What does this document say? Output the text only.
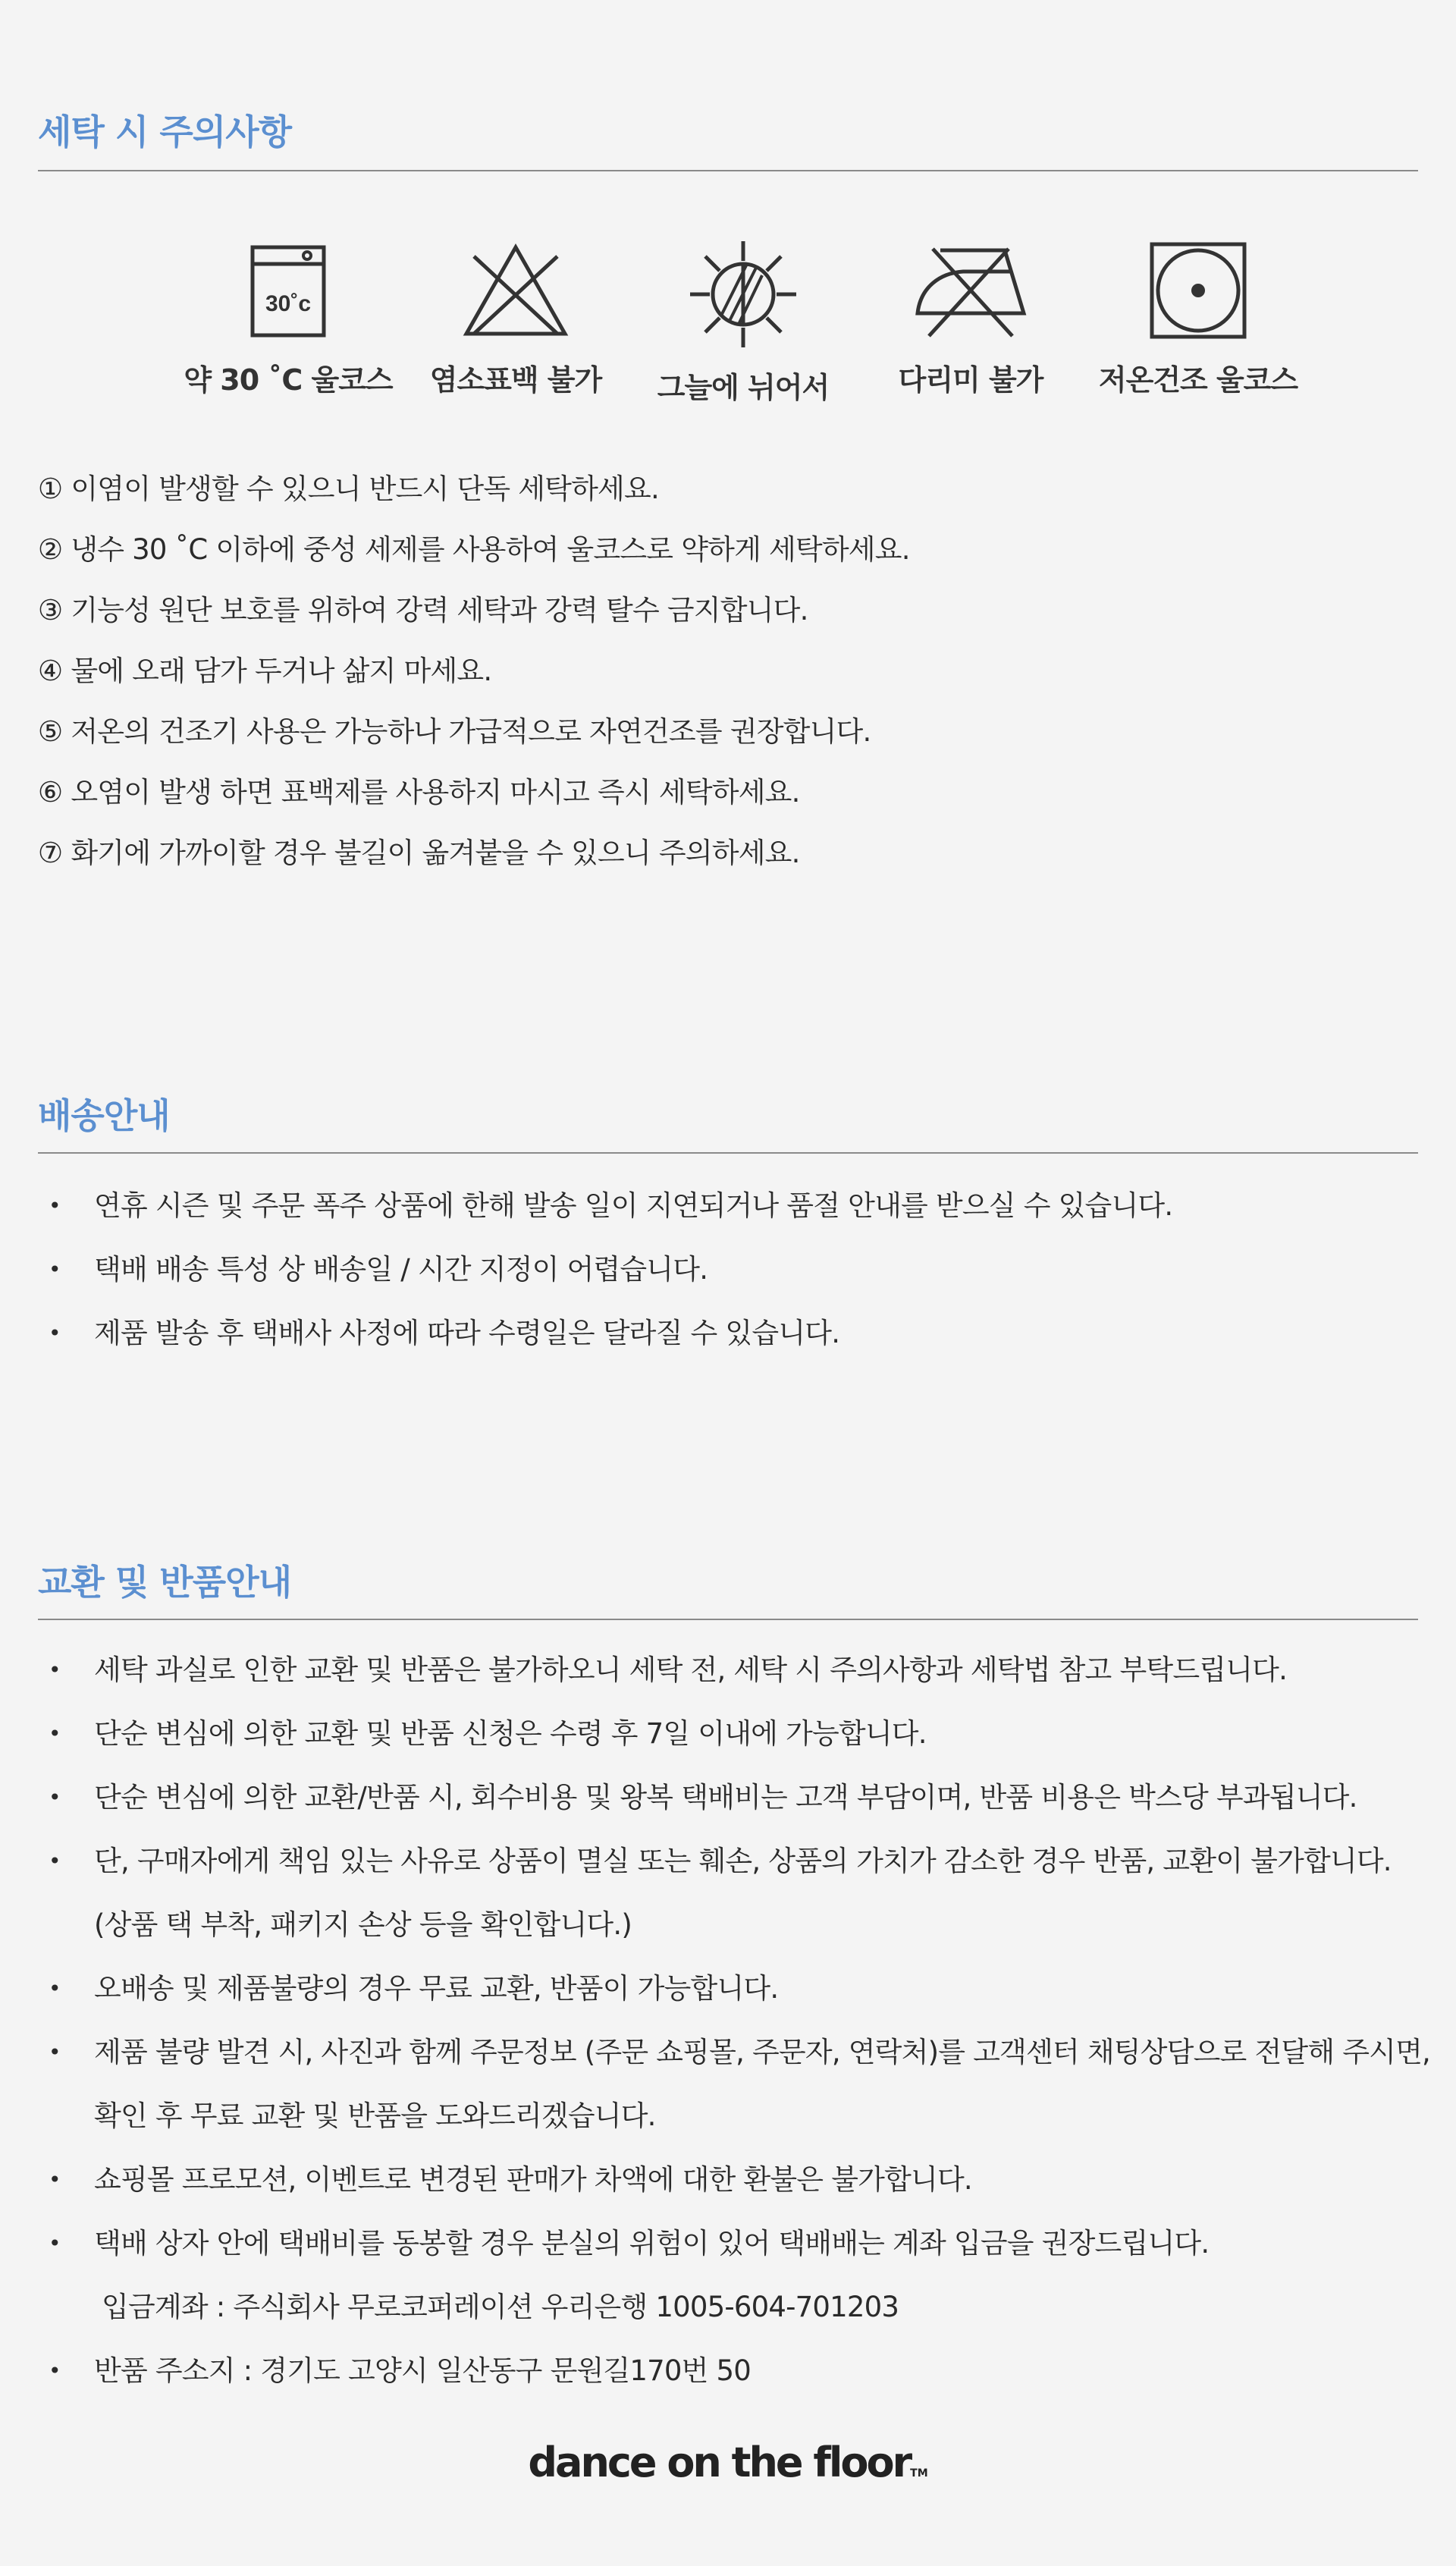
세탁 시 주의사항
30˚c
약 30 ˚C 울코스	염소표백 불가	그늘에 뉘어서	다리미 불가	저온건조 울코스
① 이염이 발생할 수 있으니 반드시 단독 세탁하세요.
② 냉수 30 ˚C 이하에 중성 세제를 사용하여 울코스로 약하게 세탁하세요.
③ 기능성 원단 보호를 위하여 강력 세탁과 강력 탈수 금지합니다.
④ 물에 오래 담가 두거나 삶지 마세요.
⑤ 저온의 건조기 사용은 가능하나 가급적으로 자연건조를 권장합니다.
⑥ 오염이 발생 하면 표백제를 사용하지 마시고 즉시 세탁하세요.
⑦ 화기에 가까이할 경우 불길이 옮겨붙을 수 있으니 주의하세요.
배송안내
• 연휴 시즌 및 주문 폭주 상품에 한해 발송 일이 지연되거나 품절 안내를 받으실 수 있습니다.
• 택배 배송 특성 상 배송일 / 시간 지정이 어렵습니다.
• 제품 발송 후 택배사 사정에 따라 수령일은 달라질 수 있습니다.
교환 및 반품안내
• 세탁 과실로 인한 교환 및 반품은 불가하오니 세탁 전, 세탁 시 주의사항과 세탁법 참고 부탁드립니다.
• 단순 변심에 의한 교환 및 반품 신청은 수령 후 7일 이내에 가능합니다.
• 단순 변심에 의한 교환/반품 시, 회수비용 및 왕복 택배비는 고객 부담이며, 반품 비용은 박스당 부과됩니다.
• 단, 구매자에게 책임 있는 사유로 상품이 멸실 또는 훼손, 상품의 가치가 감소한 경우 반품, 교환이 불가합니다.
(상품 택 부착, 패키지 손상 등을 확인합니다.)
• 오배송 및 제품불량의 경우 무료 교환, 반품이 가능합니다.
• 제품 불량 발견 시, 사진과 함께 주문정보 (주문 쇼핑몰, 주문자, 연락처)를 고객센터 채팅상담으로 전달해 주시면,
확인 후 무료 교환 및 반품을 도와드리겠습니다.
• 쇼핑몰 프로모션, 이벤트로 변경된 판매가 차액에 대한 환불은 불가합니다.
• 택배 상자 안에 택배비를 동봉할 경우 분실의 위험이 있어 택배배는 계좌 입금을 권장드립니다.
입금계좌 : 주식회사 무로코퍼레이션 우리은행 1005-604-701203
• 반품 주소지 : 경기도 고양시 일산동구 문원길170번 50
dance on the floorTM
